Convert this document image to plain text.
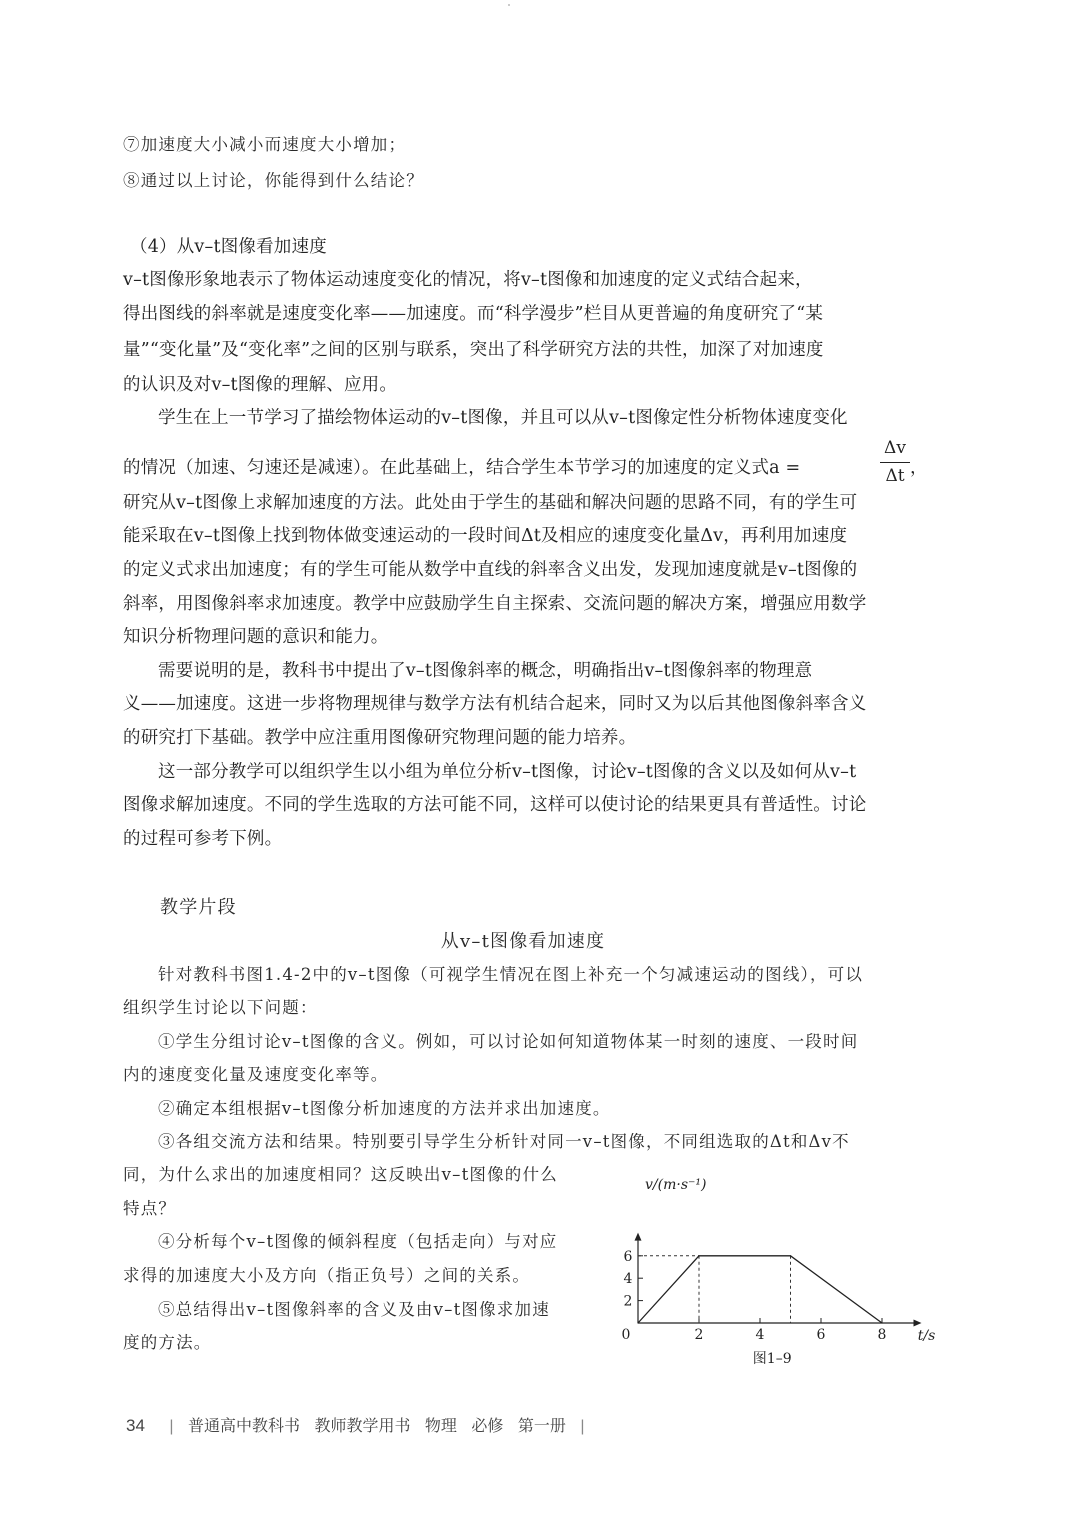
⑦加速度大小减小而速度大小增加；
⑧通过以上讨论，你能得到什么结论？
（4）从v–t图像看加速度
v–t图像形象地表示了物体运动速度变化的情况，将v–t图像和加速度的定义式结合起来，
得出图线的斜率就是速度变化率——加速度。而“科学漫步”栏目从更普遍的角度研究了“某
量”“变化量”及“变化率”之间的区别与联系，突出了科学研究方法的共性，加深了对加速度
的认识及对v–t图像的理解、应用。
学生在上一节学习了描绘物体运动的v–t图像，并且可以从v–t图像定性分析物体速度变化
的情况（加速、匀速还是减速）。在此基础上，结合学生本节学习的加速度的定义式a =
Δv
Δt ，
研究从v–t图像上求解加速度的方法。此处由于学生的基础和解决问题的思路不同，有的学生可
能采取在v–t图像上找到物体做变速运动的一段时间Δt及相应的速度变化量Δv，再利用加速度
的定义式求出加速度；有的学生可能从数学中直线的斜率含义出发，发现加速度就是v–t图像的
斜率，用图像斜率求加速度。教学中应鼓励学生自主探索、交流问题的解决方案，增强应用数学
知识分析物理问题的意识和能力。
需要说明的是，教科书中提出了v–t图像斜率的概念，明确指出v–t图像斜率的物理意
义——加速度。这进一步将物理规律与数学方法有机结合起来，同时又为以后其他图像斜率含义
的研究打下基础。教学中应注重用图像研究物理问题的能力培养。
这一部分教学可以组织学生以小组为单位分析v–t图像，讨论v–t图像的含义以及如何从v–t
图像求解加速度。不同的学生选取的方法可能不同，这样可以使讨论的结果更具有普适性。讨论
的过程可参考下例。
教学片段
从v–t图像看加速度
针对教科书图1.4-2中的v–t图像（可视学生情况在图上补充一个匀减速运动的图线），可以
组织学生讨论以下问题：
①学生分组讨论v–t图像的含义。例如，可以讨论如何知道物体某一时刻的速度、一段时间
内的速度变化量及速度变化率等。
②确定本组根据v–t图像分析加速度的方法并求出加速度。
③各组交流方法和结果。特别要引导学生分析针对同一v–t图像，不同组选取的Δt和Δv不
同，为什么求出的加速度相同？这反映出v–t图像的什么
特点？
④分析每个v–t图像的倾斜程度（包括走向）与对应
求得的加速度大小及方向（指正负号）之间的关系。
⑤总结得出v–t图像斜率的含义及由v–t图像求加速
度的方法。	0	2	4	6	8
2
4
6
v/(m·s⁻¹)
t/s
图1–9
34 | 普通高中教科书 教师教学用书 物理 必修 第一册 |
